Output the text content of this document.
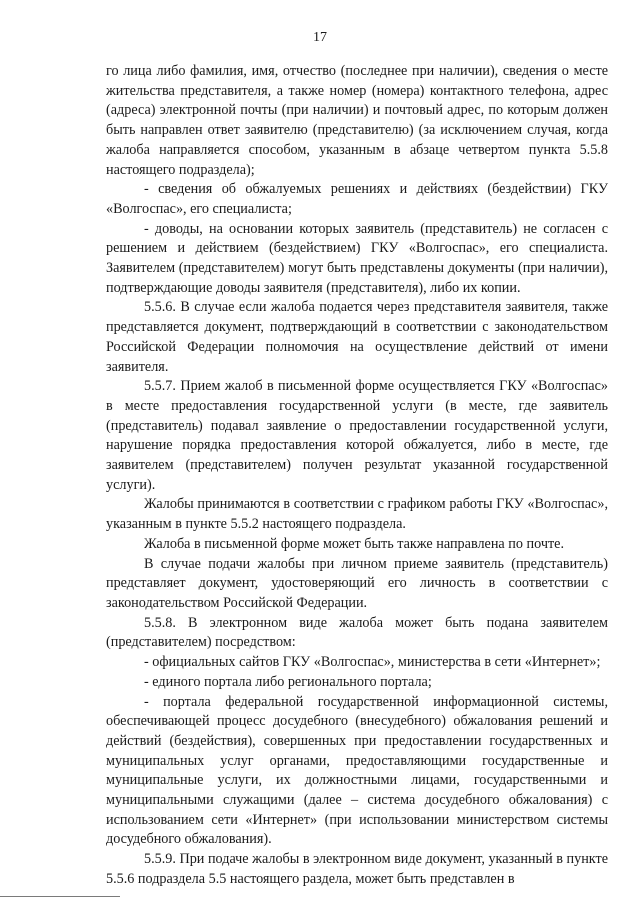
17

го лица либо фамилия, имя, отчество (последнее при наличии), сведения о месте жительства представителя, а также номер (номера) контактного телефона, адрес (адреса) электронной почты (при наличии) и почтовый адрес, по которым должен быть направлен ответ заявителю (представителю) (за исключением случая, когда жалоба направляется способом, указанным в абзаце четвертом пункта 5.5.8 настоящего подраздела);

- сведения об обжалуемых решениях и действиях (бездействии) ГКУ «Волгоспас», его специалиста;

- доводы, на основании которых заявитель (представитель) не согласен с решением и действием (бездействием) ГКУ «Волгоспас», его специалиста. Заявителем (представителем) могут быть представлены документы (при наличии), подтверждающие доводы заявителя (представителя), либо их копии.

5.5.6. В случае если жалоба подается через представителя заявителя, также представляется документ, подтверждающий в соответствии с законодательством Российской Федерации полномочия на осуществление действий от имени заявителя.

5.5.7. Прием жалоб в письменной форме осуществляется ГКУ «Волгоспас» в месте предоставления государственной услуги (в месте, где заявитель (представитель) подавал заявление о предоставлении государственной услуги, нарушение порядка предоставления которой обжалуется, либо в месте, где заявителем (представителем) получен результат указанной государственной услуги).

Жалобы принимаются в соответствии с графиком работы ГКУ «Волгоспас», указанным в пункте 5.5.2 настоящего подраздела.

Жалоба в письменной форме может быть также направлена по почте.

В случае подачи жалобы при личном приеме заявитель (представитель) представляет документ, удостоверяющий его личность в соответствии с законодательством Российской Федерации.

5.5.8. В электронном виде жалоба может быть подана заявителем (представителем) посредством:

- официальных сайтов ГКУ «Волгоспас», министерства в сети «Интернет»;

- единого портала либо регионального портала;

- портала федеральной государственной информационной системы, обеспечивающей процесс досудебного (внесудебного) обжалования решений и действий (бездействия), совершенных при предоставлении государственных и муниципальных услуг органами, предоставляющими государственные и муниципальные услуги, их должностными лицами, государственными и муниципальными служащими (далее – система досудебного обжалования) с использованием сети «Интернет» (при использовании министерством системы досудебного обжалования).

5.5.9. При подаче жалобы в электронном виде документ, указанный в пункте 5.5.6 подраздела 5.5 настоящего раздела, может быть представлен в
